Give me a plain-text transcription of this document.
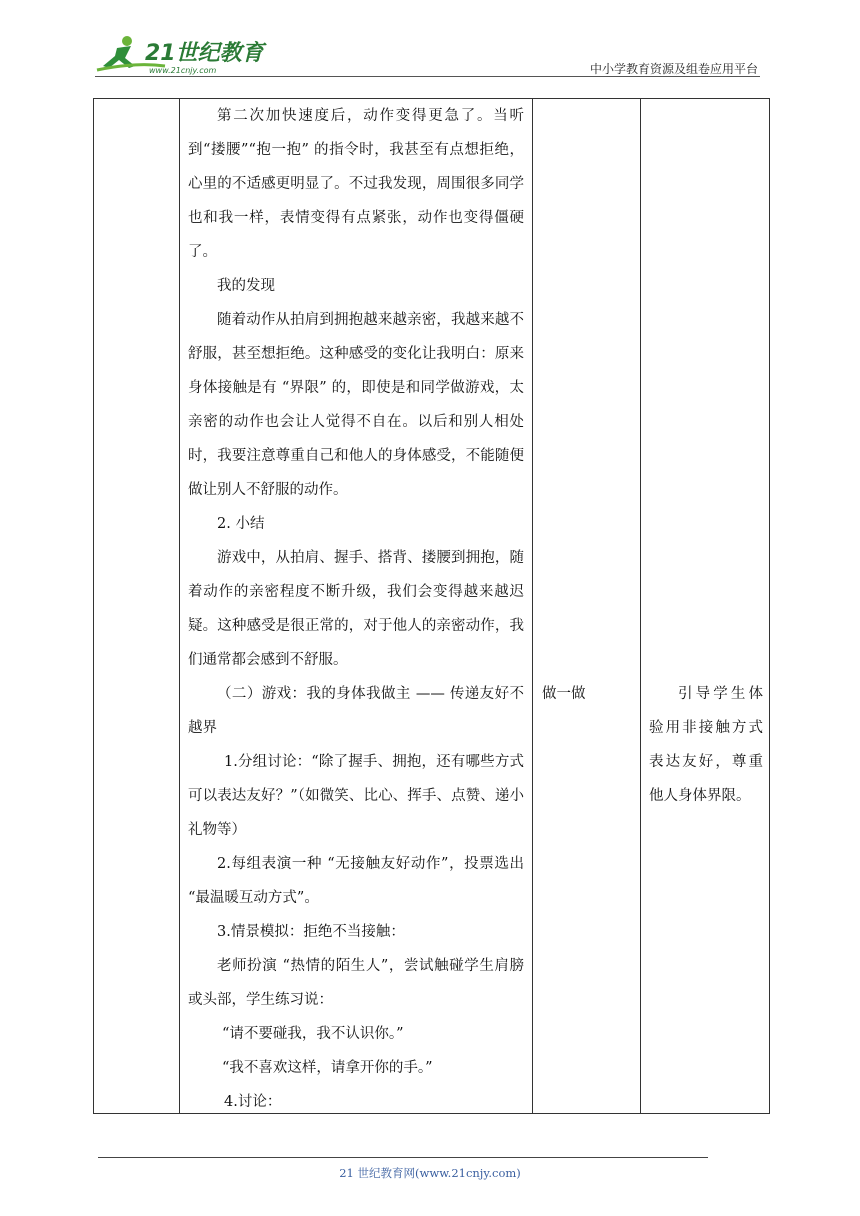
21世纪教育
www.21cnjy.com	中小学教育资源及组卷应用平台

第二次加快速度后，动作变得更急了。当听到“搂腰”“抱一抱” 的指令时，我甚至有点想拒绝，心里的不适感更明显了。不过我发现，周围很多同学也和我一样，表情变得有点紧张，动作也变得僵硬了。

我的发现

随着动作从拍肩到拥抱越来越亲密，我越来越不舒服，甚至想拒绝。这种感受的变化让我明白：原来身体接触是有 “界限” 的，即使是和同学做游戏，太亲密的动作也会让人觉得不自在。以后和别人相处时，我要注意尊重自己和他人的身体感受，不能随便做让别人不舒服的动作。

2. 小结

游戏中，从拍肩、握手、搭背、搂腰到拥抱，随着动作的亲密程度不断升级，我们会变得越来越迟疑。这种感受是很正常的，对于他人的亲密动作，我们通常都会感到不舒服。

（二）游戏：我的身体我做主 —— 传递友好不越界

1.分组讨论：“除了握手、拥抱，还有哪些方式可以表达友好？”（如微笑、比心、挥手、点赞、递小礼物等）

2.每组表演一种 “无接触友好动作”，投票选出 “最温暖互动方式”。

3.情景模拟：拒绝不当接触：

老师扮演 “热情的陌生人”，尝试触碰学生肩膀或头部，学生练习说：

“请不要碰我，我不认识你。”

“我不喜欢这样，请拿开你的手。”

4.讨论：

做一做	引导学生体验用非接触方式表达友好，尊重他人身体界限。
21 世纪教育网(www.21cnjy.com)
